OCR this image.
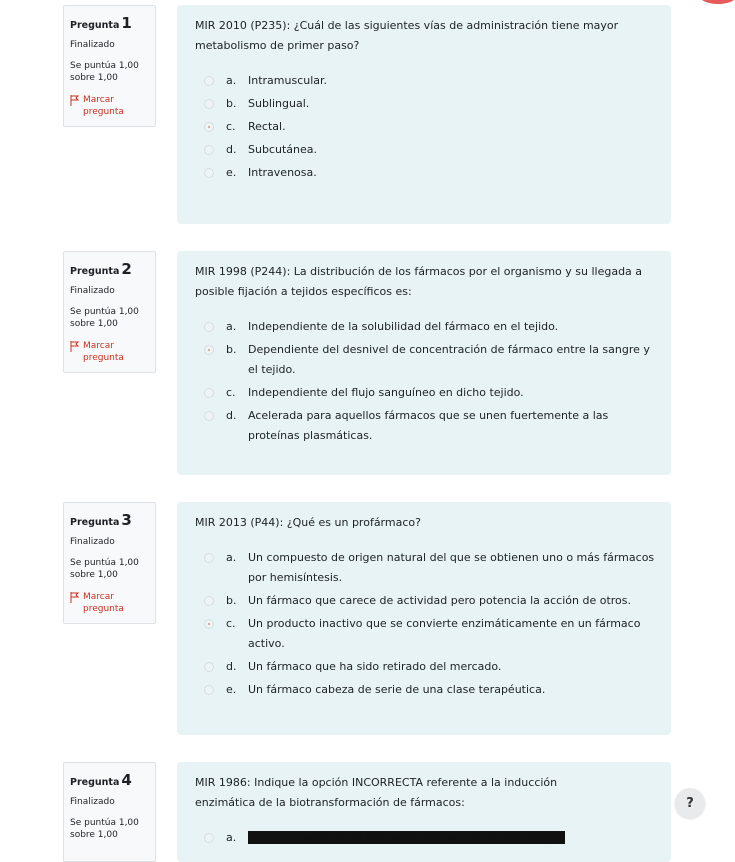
Pregunta 1
Finalizado
Se puntúa 1,00 sobre 1,00
Marcar pregunta

MIR 2010 (P235): ¿Cuál de las siguientes vías de administración tiene mayor metabolismo de primer paso?

a.	Intramuscular.
b.	Sublingual.
c.	Rectal.
d.	Subcutánea.
e.	Intravenosa.
Pregunta 2
Finalizado
Se puntúa 1,00 sobre 1,00
Marcar pregunta

MIR 1998 (P244): La distribución de los fármacos por el organismo y su llegada a posible fijación a tejidos específicos es:

a.	Independiente de la solubilidad del fármaco en el tejido.
b.	Dependiente del desnivel de concentración de fármaco entre la sangre y el tejido.
c.	Independiente del flujo sanguíneo en dicho tejido.
d.	Acelerada para aquellos fármacos que se unen fuertemente a las proteínas plasmáticas.
Pregunta 3
Finalizado
Se puntúa 1,00 sobre 1,00
Marcar pregunta

MIR 2013 (P44): ¿Qué es un profármaco?

a.	Un compuesto de origen natural del que se obtienen uno o más fármacos por hemisíntesis.
b.	Un fármaco que carece de actividad pero potencia la acción de otros.
c.	Un producto inactivo que se convierte enzimáticamente en un fármaco activo.
d.	Un fármaco que ha sido retirado del mercado.
e.	Un fármaco cabeza de serie de una clase terapéutica.
Pregunta 4
Finalizado
Se puntúa 1,00 sobre 1,00

MIR 1986: Indique la opción INCORRECTA referente a la inducción enzimática de la biotransformación de fármacos:

a.	Es un mecanismo de tolerancia a la acción farmacológica
?
